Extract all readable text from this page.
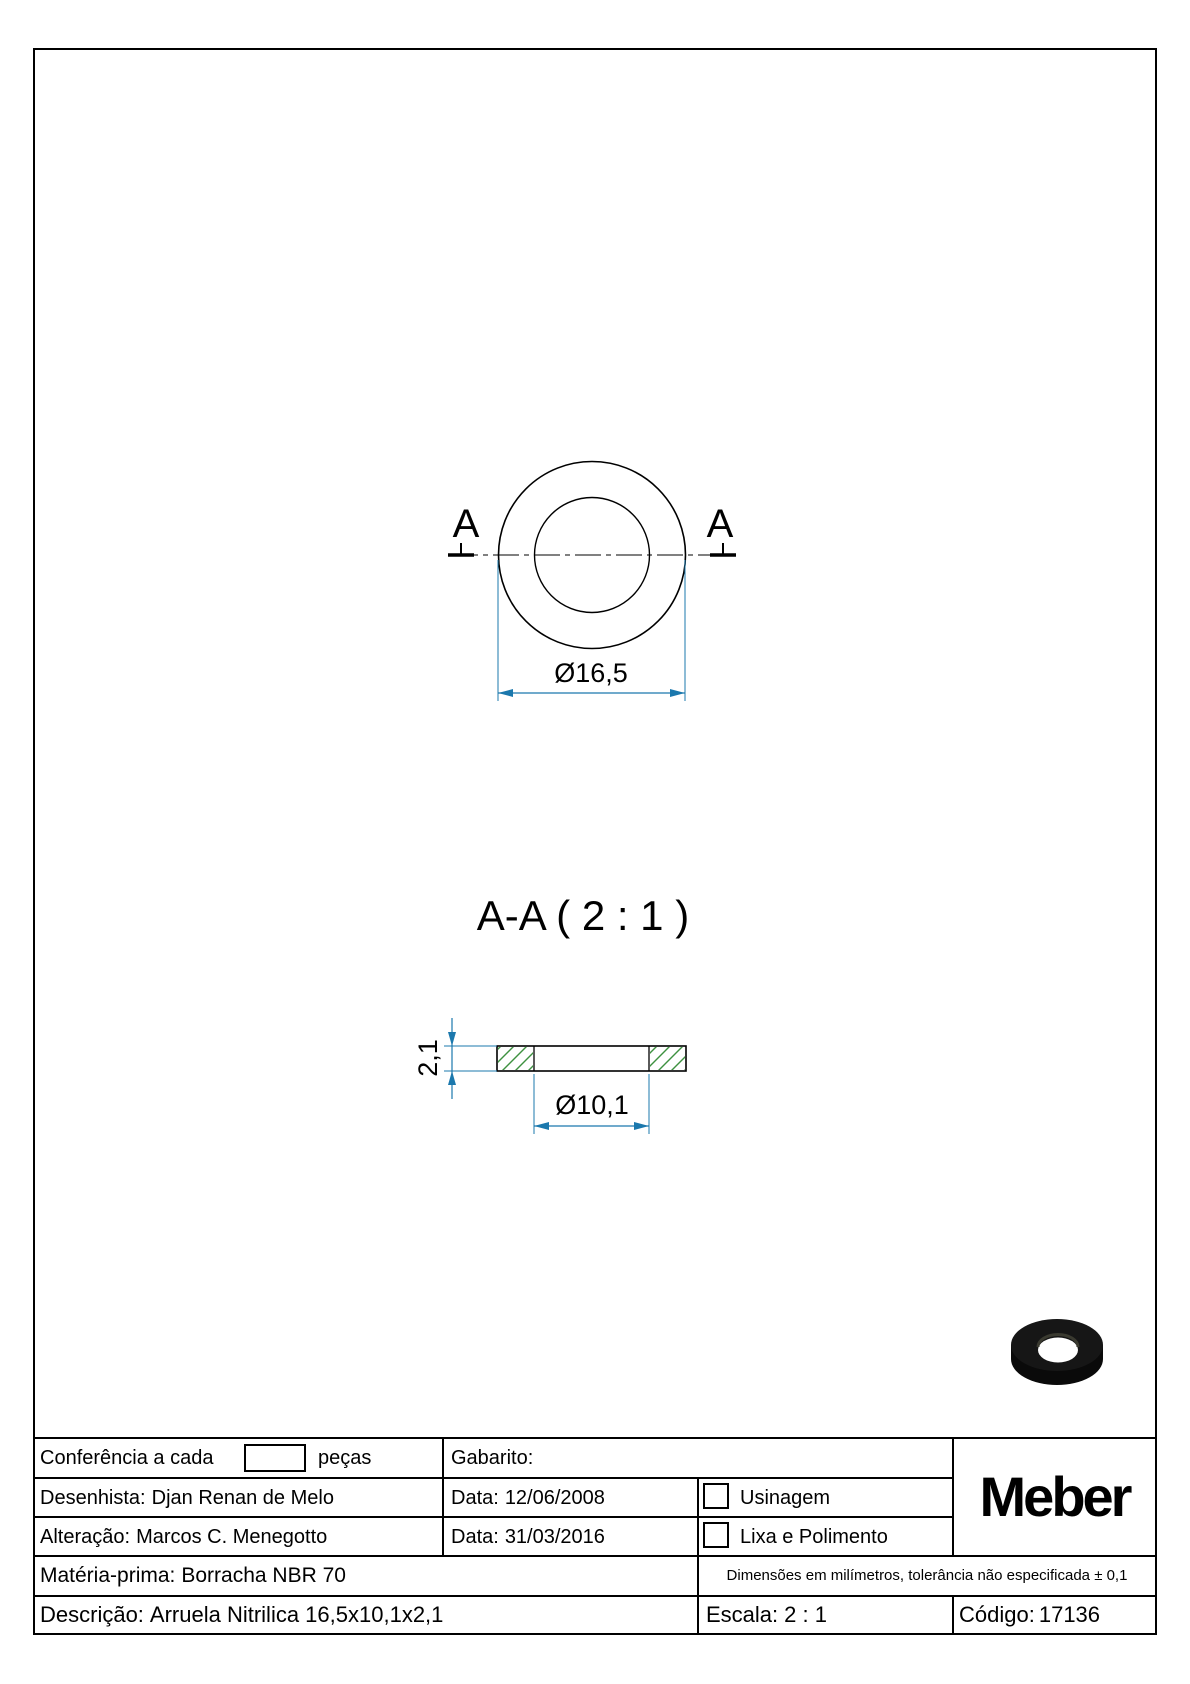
A	A
Ø16,5
A-A ( 2 : 1 )
2,1
Ø10,1
Conferência a cada	peças	Gabarito:
Desenhista: Djan Renan de Melo	Data: 12/06/2008	Usinagem
Alteração: Marcos C. Menegotto	Data: 31/03/2016	Lixa e Polimento
Matéria-prima: Borracha NBR 70	Dimensões em milímetros, tolerância não especificada ± 0,1
Descrição: Arruela Nitrilica 16,5x10,1x2,1	Escala: 2 : 1	Código: 17136
Meber
